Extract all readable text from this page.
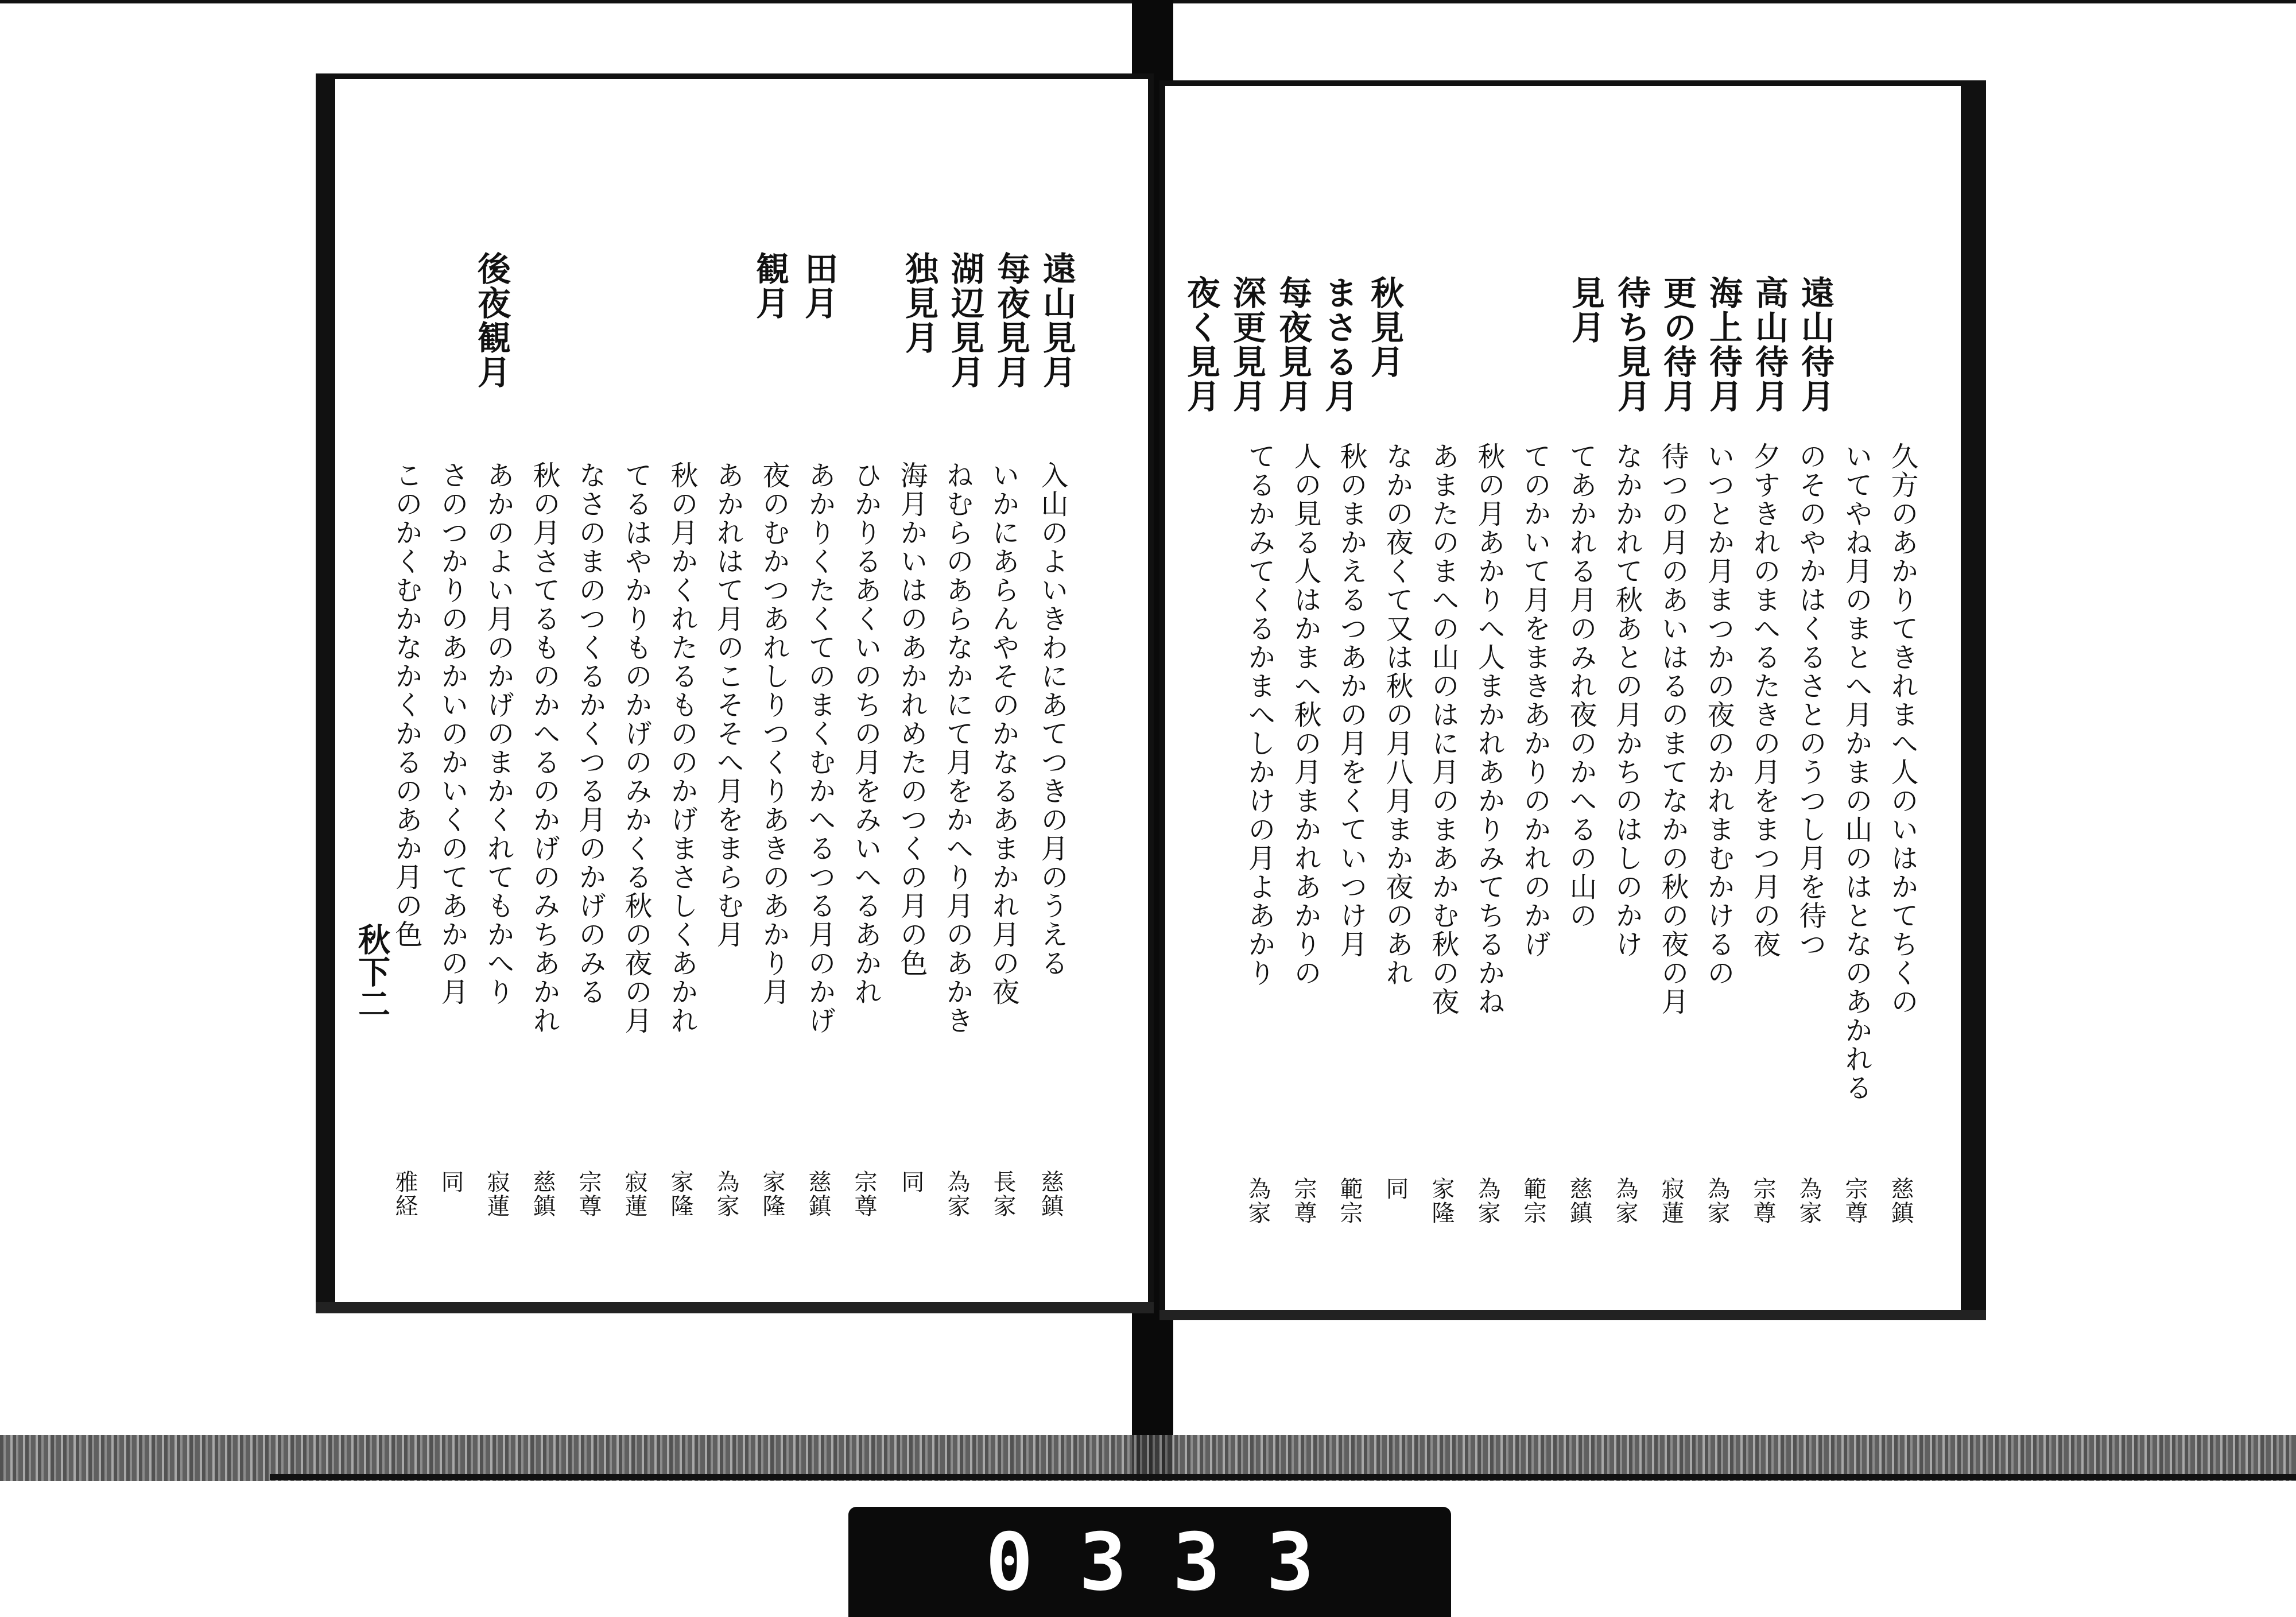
遠山見月
每夜見月
湖辺見月
独見月
田月
観月
後夜観月
入山のよいきわにあてつきの月のうえる
いかにあらんやそのかなるあまかれ月の夜
ねむらのあらなかにて月をかへり月のあかき
海月かいはのあかれめたのつくの月の色
ひかりるあくいのちの月をみいへるあかれ
あかりくたくてのまくむかへるつる月のかげ
夜のむかつあれしりつくりあきのあかり月
あかれはて月のこそそへ月をまらむ月
秋の月かくれたるもののかげまさしくあかれ
てるはやかりものかげのみかくる秋の夜の月
なさのまのつくるかくつる月のかげのみる
秋の月さてるものかへるのかげのみちあかれ
あかのよい月のかげのまかくれてもかへり
さのつかりのあかいのかいくのてあかの月
このかくむかなかくかるのあか月の色
慈鎮
長家
為家
同
宗尊
慈鎮
家隆
為家
家隆
寂蓮
宗尊
慈鎮
寂蓮
同
雅経
秋下二
遠山待月
高山待月
海上待月
更の待月
待ち見月
見月
秋見月
まさる月
每夜見月
深更見月
夜く見月
久方のあかりてきれまへ人のいはかてちくの
いてやね月のまとへ月かまの山のはとなのあかれる
のそのやかはくるさとのうつし月を待つ
夕すきれのまへるたきの月をまつ月の夜
いつとか月まつかの夜のかれまむかけるの
待つの月のあいはるのまてなかの秋の夜の月
なかかれて秋あとの月かちのはしのかけ
てあかれる月のみれ夜のかへるの山の
てのかいて月をまきあかりのかれのかげ
秋の月あかりへ人まかれあかりみてちるかね
あまたのまへの山のはに月のまあかむ秋の夜
なかの夜くて又は秋の月八月まか夜のあれ
秋のまかえるつあかの月をくていつけ月
人の見る人はかまへ秋の月まかれあかりの
てるかみてくるかまへしかけの月よあかり
慈鎮
宗尊
為家
宗尊
為家
寂蓮
為家
慈鎮
範宗
為家
家隆
同
範宗
宗尊
為家
0333
